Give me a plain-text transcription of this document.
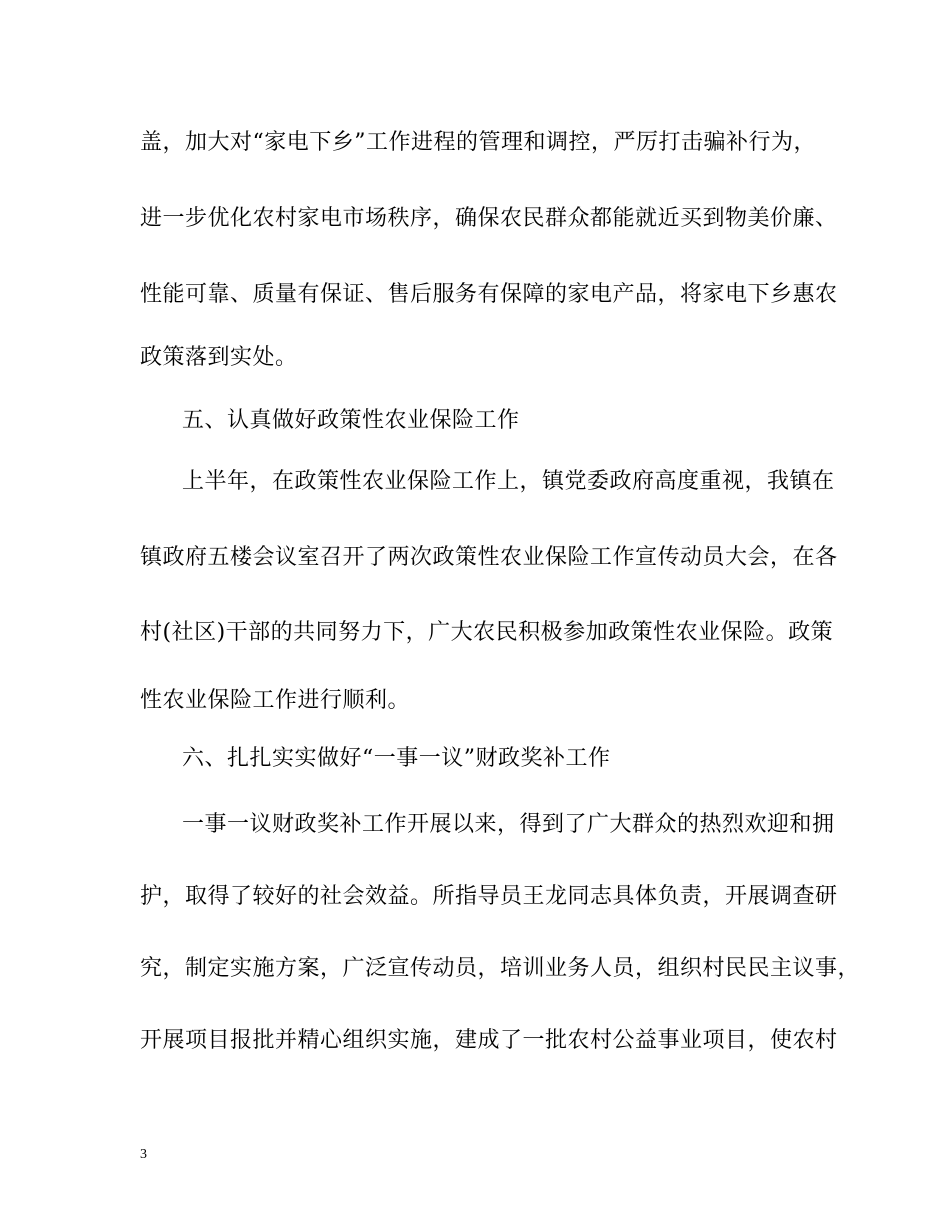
盖，加大对“家电下乡”工作进程的管理和调控，严厉打击骗补行为，
进一步优化农村家电市场秩序，确保农民群众都能就近买到物美价廉、
性能可靠、质量有保证、售后服务有保障的家电产品，将家电下乡惠农
政策落到实处。
五、认真做好政策性农业保险工作
上半年，在政策性农业保险工作上，镇党委政府高度重视，我镇在
镇政府五楼会议室召开了两次政策性农业保险工作宣传动员大会，在各
村(社区)干部的共同努力下，广大农民积极参加政策性农业保险。政策
性农业保险工作进行顺利。
六、扎扎实实做好“一事一议”财政奖补工作
一事一议财政奖补工作开展以来，得到了广大群众的热烈欢迎和拥
护，取得了较好的社会效益。所指导员王龙同志具体负责，开展调查研
究，制定实施方案，广泛宣传动员，培训业务人员，组织村民民主议事，
开展项目报批并精心组织实施，建成了一批农村公益事业项目，使农村
3
